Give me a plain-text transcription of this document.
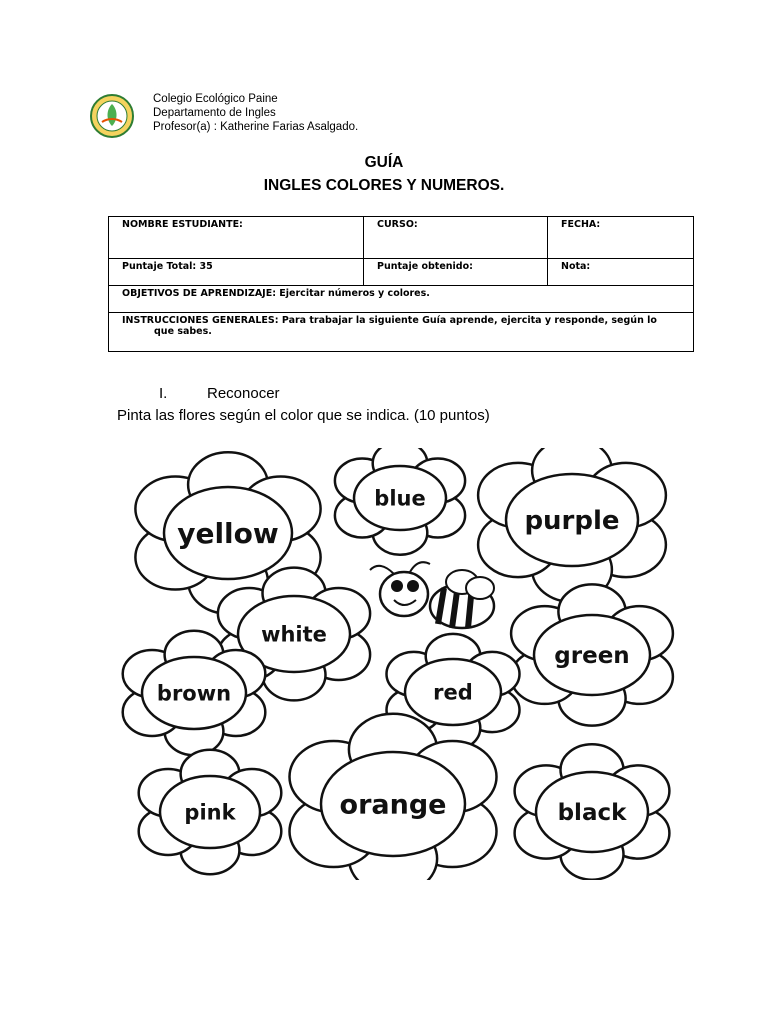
Colegio Ecológico Paine
Departamento de Ingles
Profesor(a) : Katherine Farias Asalgado.
GUÍA
INGLES COLORES Y NUMEROS.
NOMBRE ESTUDIANTE:	CURSO:	FECHA:
Puntaje Total: 35	Puntaje obtenido:	Nota:
OBJETIVOS DE APRENDIZAJE: Ejercitar números y colores.		

INSTRUCCIONES GENERALES: Para trabajar la siguiente Guía aprende, ejercita y responde, según lo
que sabes.		
I.	Reconocer
Pinta las flores según el color que se indica. (10 puntos)
yellow
blue
purple
white
green
brown	red
pink	orange	black
